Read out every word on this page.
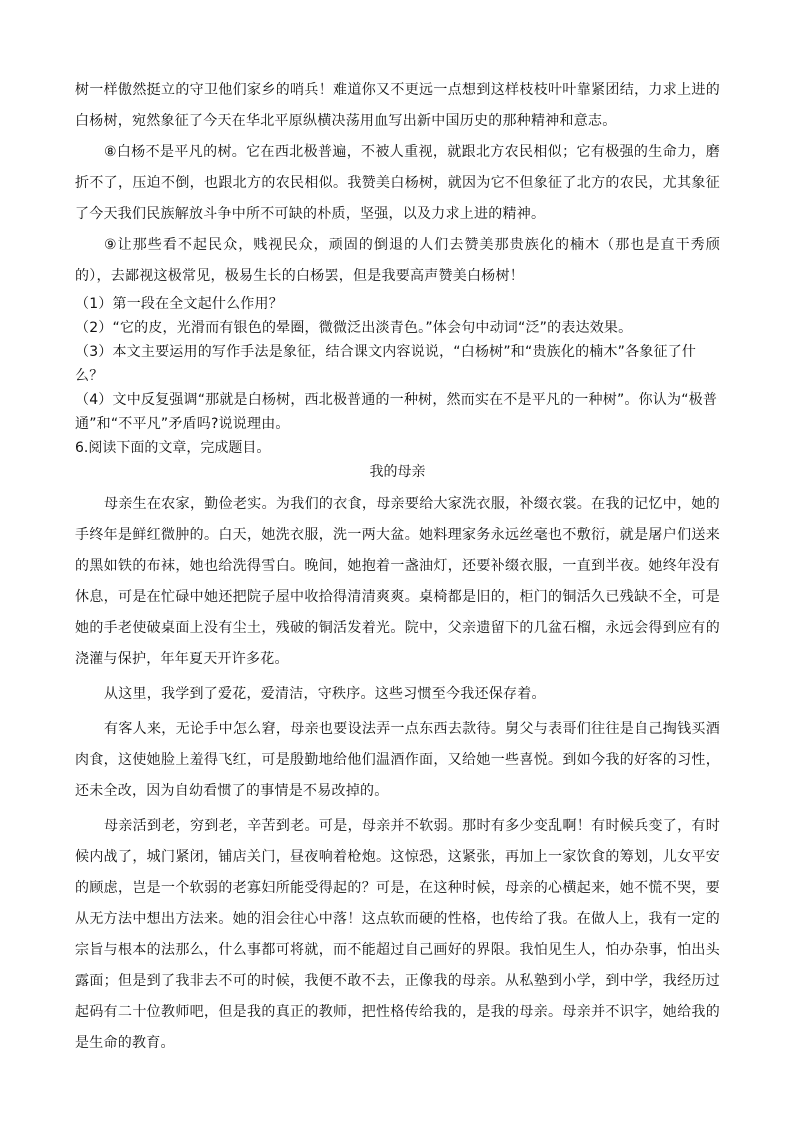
树一样傲然挺立的守卫他们家乡的哨兵！难道你又不更远一点想到这样枝枝叶叶靠紧团结，力求上进的白杨树，宛然象征了今天在华北平原纵横决荡用血写出新中国历史的那种精神和意志。

⑧白杨不是平凡的树。它在西北极普遍，不被人重视，就跟北方农民相似；它有极强的生命力，磨折不了，压迫不倒，也跟北方的农民相似。我赞美白杨树，就因为它不但象征了北方的农民，尤其象征了今天我们民族解放斗争中所不可缺的朴质，坚强，以及力求上进的精神。

⑨让那些看不起民众，贱视民众，顽固的倒退的人们去赞美那贵族化的楠木（那也是直干秀颀的），去鄙视这极常见，极易生长的白杨罢，但是我要高声赞美白杨树！

（1）第一段在全文起什么作用？

（2）“它的皮，光滑而有银色的晕圈，微微泛出淡青色。”体会句中动词“泛”的表达效果。

（3）本文主要运用的写作手法是象征，结合课文内容说说，“白杨树”和“贵族化的楠木”各象征了什么？

（4）文中反复强调“那就是白杨树，西北极普通的一种树，然而实在不是平凡的一种树”。你认为“极普通”和“不平凡”矛盾吗?说说理由。

6.阅读下面的文章，完成题目。

我的母亲

母亲生在农家，勤俭老实。为我们的衣食，母亲要给大家洗衣服，补缀衣裳。在我的记忆中，她的手终年是鲜红微肿的。白天，她洗衣服，洗一两大盆。她料理家务永远丝毫也不敷衍，就是屠户们送来的黑如铁的布袜，她也给洗得雪白。晚间，她抱着一盏油灯，还要补缀衣服，一直到半夜。她终年没有休息，可是在忙碌中她还把院子屋中收拾得清清爽爽。桌椅都是旧的，柜门的铜活久已残缺不全，可是她的手老使破桌面上没有尘土，残破的铜活发着光。院中，父亲遗留下的几盆石榴，永远会得到应有的浇灌与保护，年年夏天开许多花。

从这里，我学到了爱花，爱清洁，守秩序。这些习惯至今我还保存着。

有客人来，无论手中怎么窘，母亲也要设法弄一点东西去款待。舅父与表哥们往往是自己掏钱买酒肉食，这使她脸上羞得飞红，可是殷勤地给他们温酒作面，又给她一些喜悦。到如今我的好客的习性，还未全改，因为自幼看惯了的事情是不易改掉的。

母亲活到老，穷到老，辛苦到老。可是，母亲并不软弱。那时有多少变乱啊！有时候兵变了，有时候内战了，城门紧闭，铺店关门，昼夜响着枪炮。这惊恐，这紧张，再加上一家饮食的筹划，儿女平安的顾虑，岂是一个软弱的老寡妇所能受得起的？可是，在这种时候，母亲的心横起来，她不慌不哭，要从无方法中想出方法来。她的泪会往心中落！这点软而硬的性格，也传给了我。在做人上，我有一定的宗旨与根本的法那么，什么事都可将就，而不能超过自己画好的界限。我怕见生人，怕办杂事，怕出头露面；但是到了我非去不可的时候，我便不敢不去，正像我的母亲。从私塾到小学，到中学，我经历过起码有二十位教师吧，但是我的真正的教师，把性格传给我的，是我的母亲。母亲并不识字，她给我的是生命的教育。
